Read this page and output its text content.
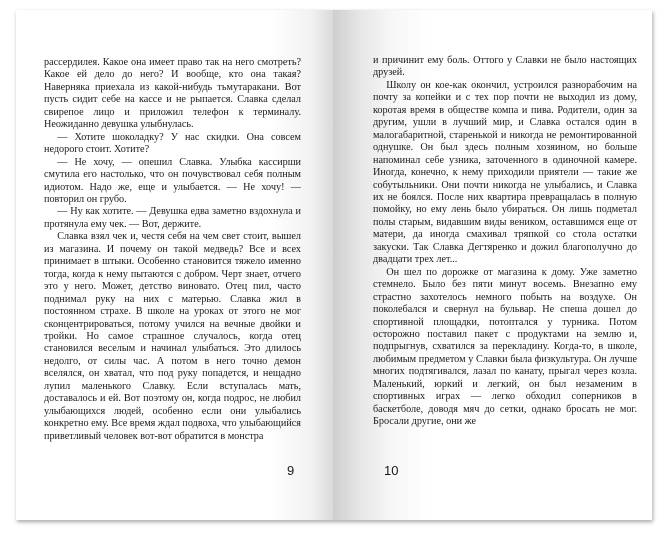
рассердилея. Какое она имеет право так на него смотреть? Какое ей дело до него? И вообще, кто она такая? Наверняка приехала из какой-нибудь тьмутаракани. Вот пусть сидит себе на кассе и не рыпается. Славка сделал свирепое лицо и приложил телефон к терминалу. Неожиданно девушка улыбнулась.

— Хотите шоколадку? У нас скидки. Она совсем недорого стоит. Хотите?

— Не хочу, — опешил Славка. Улыбка кассирши смутила его настолько, что он почувствовал себя полным идиотом. Надо же, еще и улыбается. — Не хочу! — повторил он грубо.

— Ну как хотите. — Девушка едва заметно вздохнула и протянула ему чек. — Вот, держите.

Славка взял чек и, честя себя на чем свет стоит, вышел из магазина. И почему он такой медведь? Все и всех принимает в штыки. Особенно становится тяжело именно тогда, когда к нему пытаются с добром. Черт знает, отчего это у него. Может, детство виновато. Отец пил, часто поднимал руку на них с матерью. Славка жил в постоянном страхе. В школе на уроках от этого не мог сконцентрироваться, потому учился на вечные двойки и тройки. Но самое страшное случалось, когда отец становился веселым и начинал улыбаться. Это длилось недолго, от силы час. А потом в него точно демон вселялся, он хватал, что под руку попадется, и нещадно лупил маленького Славку. Если вступалась мать, доставалось и ей. Вот поэтому он, когда подрос, не любил улыбающихся людей, особенно если они улыбались конкретно ему. Все время ждал подвоха, что улыбающийся приветливый человек вот-вот обратится в монстра

9

и причинит ему боль. Оттого у Славки не было настоящих друзей.

Школу он кое-как окончил, устроился разнорабочим на почту за копейки и с тех пор почти не выходил из дому, коротая время в обществе компа и пива. Родители, один за другим, ушли в лучший мир, и Славка остался один в малогабаритной, старенькой и никогда не ремонтированной однушке. Он был здесь полным хозяином, но больше напоминал себе узника, заточенного в одиночной камере. Иногда, конечно, к нему приходили приятели — такие же собутыльники. Они почти никогда не улыбались, и Славка их не боялся. После них квартира превращалась в полную помойку, но ему лень было убираться. Он лишь подметал полы старым, видавшим виды веником, оставшимся еще от матери, да иногда смахивал тряпкой со стола остатки закуски. Так Славка Дегтяренко и дожил благополучно до двадцати трех лет...

Он шел по дорожке от магазина к дому. Уже заметно стемнело. Было без пяти минут восемь. Внезапно ему страстно захотелось немного побыть на воздухе. Он поколебался и свернул на бульвар. Не спеша дошел до спортивной площадки, потоптался у турника. Потом осторожно поставил пакет с продуктами на землю и, подпрыгнув, схватился за перекладину. Когда-то, в школе, любимым предметом у Славки была физкультура. Он лучше многих подтягивался, лазал по канату, прыгал через козла. Маленький, юркий и легкий, он был незаменим в спортивных играх — легко обходил соперников в баскетболе, доводя мяч до сетки, однако бросать не мог. Бросали другие, они же

10
